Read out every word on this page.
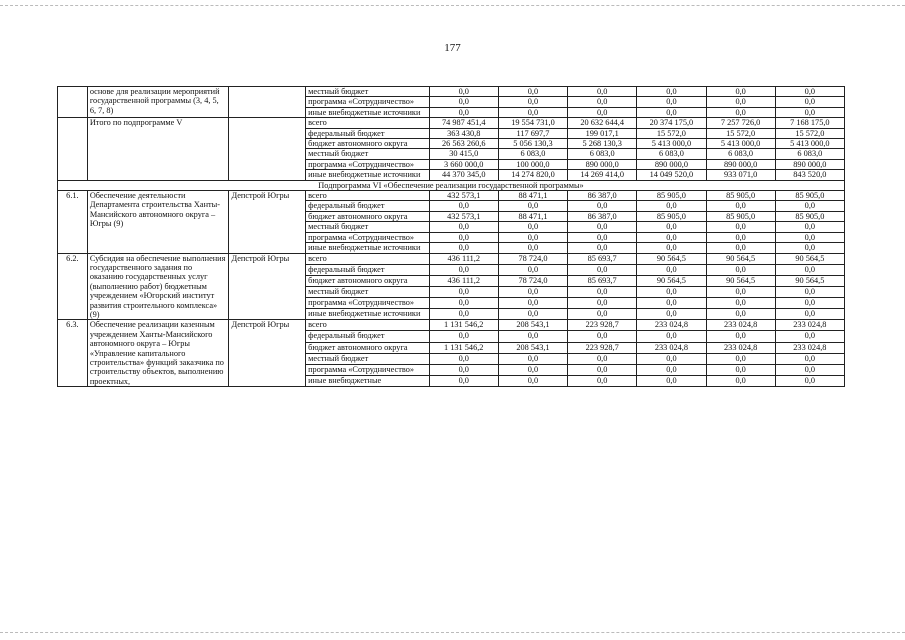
177
	основе для реализации мероприятий государственной программы (3, 4, 5, 6, 7, 8)		местный бюджет	0,0	0,0	0,0	0,0	0,0	0,0
			программа «Сотрудничество»	0,0	0,0	0,0	0,0	0,0	0,0
			иные внебюджетные источники	0,0	0,0	0,0	0,0	0,0	0,0
	Итого по подпрограмме V		всего	74 987 451,4	19 554 731,0	20 632 644,4	20 374 175,0	7 257 726,0	7 168 175,0
			федеральный бюджет	363 430,8	117 697,7	199 017,1	15 572,0	15 572,0	15 572,0
			бюджет автономного округа	26 563 260,6	5 056 130,3	5 268 130,3	5 413 000,0	5 413 000,0	5 413 000,0
			местный бюджет	30 415,0	6 083,0	6 083,0	6 083,0	6 083,0	6 083,0
			программа «Сотрудничество»	3 660 000,0	100 000,0	890 000,0	890 000,0	890 000,0	890 000,0
			иные внебюджетные источники	44 370 345,0	14 274 820,0	14 269 414,0	14 049 520,0	933 071,0	843 520,0
Подпрограмма VI «Обеспечение реализации государственной программы»									
6.1.	Обеспечение деятельности Департамента строительства Ханты-Мансийского автономного округа – Югры (9)	Депстрой Югры	всего	432 573,1	88 471,1	86 387,0	85 905,0	85 905,0	85 905,0
			федеральный бюджет	0,0	0,0	0,0	0,0	0,0	0,0
			бюджет автономного округа	432 573,1	88 471,1	86 387,0	85 905,0	85 905,0	85 905,0
			местный бюджет	0,0	0,0	0,0	0,0	0,0	0,0
			программа «Сотрудничество»	0,0	0,0	0,0	0,0	0,0	0,0
			иные внебюджетные источники	0,0	0,0	0,0	0,0	0,0	0,0
6.2.	Субсидия на обеспечение выполнения государственного задания по оказанию государственных услуг (выполнению работ) бюджетным учреждением «Югорский институт развития строительного комплекса» (9)	Депстрой Югры	всего	436 111,2	78 724,0	85 693,7	90 564,5	90 564,5	90 564,5
			федеральный бюджет	0,0	0,0	0,0	0,0	0,0	0,0
			бюджет автономного округа	436 111,2	78 724,0	85 693,7	90 564,5	90 564,5	90 564,5
			местный бюджет	0,0	0,0	0,0	0,0	0,0	0,0
			программа «Сотрудничество»	0,0	0,0	0,0	0,0	0,0	0,0
			иные внебюджетные источники	0,0	0,0	0,0	0,0	0,0	0,0
6.3.	Обеспечение реализации казенным учреждением Ханты-Мансийского автономного округа – Югры «Управление капитального строительства» функций заказчика по строительству объектов, выполнению проектных,	Депстрой Югры	всего	1 131 546,2	208 543,1	223 928,7	233 024,8	233 024,8	233 024,8
			федеральный бюджет	0,0	0,0	0,0	0,0	0,0	0,0
			бюджет автономного округа	1 131 546,2	208 543,1	223 928,7	233 024,8	233 024,8	233 024,8
			местный бюджет	0,0	0,0	0,0	0,0	0,0	0,0
			программа «Сотрудничество»	0,0	0,0	0,0	0,0	0,0	0,0
			иные внебюджетные	0,0	0,0	0,0	0,0	0,0	0,0
